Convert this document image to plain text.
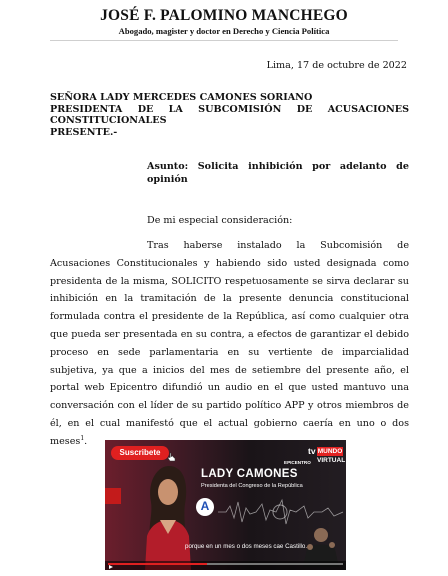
JOSÉ F. PALOMINO MANCHEGO
Abogado, magister y doctor en Derecho y Ciencia Política
Lima, 17 de octubre de 2022
SEÑORA LADY MERCEDES CAMONES SORIANO
PRESIDENTA DE LA SUBCOMISIÓN DE ACUSACIONES
CONSTITUCIONALES
PRESENTE.-
Asunto: Solicita inhibición por adelanto de opinión
De mi especial consideración:
Tras haberse instalado la Subcomisión de Acusaciones Constitucionales y habiendo sido usted designada como presidenta de la misma, SOLICITO respetuosamente se sirva declarar su inhibición en la tramitación de la presente denuncia constitucional formulada contra el presidente de la República, así como cualquier otra que pueda ser presentada en su contra, a efectos de garantizar el debido proceso en sede parlamentaria en su vertiente de imparcialidad subjetiva, ya que a inicios del mes de setiembre del presente año, el portal web Epicentro difundió un audio en el que usted mantuvo una conversación con el líder de su partido político APP y otros miembros de él, en el cual manifestó que el actual gobierno caería en uno o dos meses$^1$.
Suscribete
LADY CAMONES
Presidenta del Congreso de la República
A
tv MUNDO
VIRTUAL
EPICENTRO
porque en un mes o dos meses cae Castillo.
